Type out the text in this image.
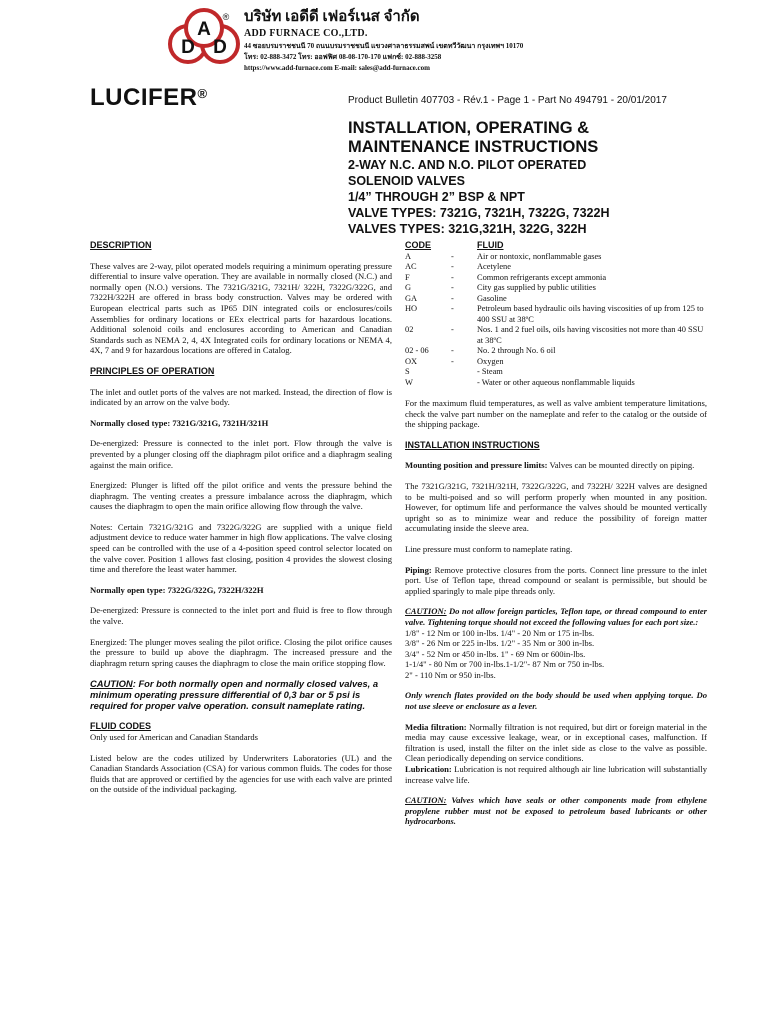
A
D D
® บริษัท เอดีดี เฟอร์เนส จำกัด
ADD FURNACE CO.,LTD.
44 ซอยบรมราชชนนี 70 ถนนบรมราชชนนี แขวงศาลาธรรมสพน์ เขตทวีวัฒนา กรุงเทพฯ 10170
โทร: 02-888-3472 โทร: ออฟฟิศ 08-08-170-170 แฟกซ์: 02-888-3258
https://www.add-furnace.com E-mail: sales@add-furnace.com
LUCIFER®	Product Bulletin 407703 - Rév.1 - Page 1 - Part No 494791 - 20/01/2017
INSTALLATION, OPERATING &
MAINTENANCE INSTRUCTIONS
2-WAY N.C. AND N.O. PILOT OPERATED
SOLENOID VALVES
1/4” THROUGH 2” BSP & NPT
VALVE TYPES: 7321G, 7321H, 7322G, 7322H
VALVES TYPES: 321G,321H, 322G, 322H
DESCRIPTION

These valves are 2-way, pilot operated models requiring a minimum operating pressure differential to insure valve operation. They are available in normally closed (N.C.) and normally open (N.O.) versions. The 7321G/321G, 7321H/ 322H, 7322G/322G, and 7322H/322H are offered in brass body construction. Valves may be ordered with European electrical parts such as IP65 DIN integrated coils or enclosures/coils Assemblies for ordinary locations or EEx electrical parts for hazardous locations. Additional solenoid coils and enclosures according to American and Canadian Standards such as NEMA 2, 4, 4X Integrated coils for ordinary locations or NEMA 4, 4X, 7 and 9 for hazardous locations are offered in Catalog.

PRINCIPLES OF OPERATION

The inlet and outlet ports of the valves are not marked. Instead, the direction of flow is indicated by an arrow on the valve body.

Normally closed type: 7321G/321G, 7321H/321H

De-energized: Pressure is connected to the inlet port. Flow through the valve is prevented by a plunger closing off the diaphragm pilot orifice and a diaphragm sealing against the main orifice.

Energized: Plunger is lifted off the pilot orifice and vents the pressure behind the diaphragm. The venting creates a pressure imbalance across the diaphragm, which causes the diaphragm to open the main orifice allowing flow through the valve.

Notes: Certain 7321G/321G and 7322G/322G are supplied with a unique field adjustment device to reduce water hammer in high flow applications. The valve closing speed can be controlled with the use of a 4-position speed control selector located on the valve cover. Position 1 allows fast closing, position 4 provides the slowest closing time and therefore the least water hammer.

Normally open type: 7322G/322G, 7322H/322H

De-energized: Pressure is connected to the inlet port and fluid is free to flow through the valve.

Energized: The plunger moves sealing the pilot orifice. Closing the pilot orifice causes the pressure to build up above the diaphragm. The increased pressure and the diaphragm return spring causes the diaphragm to close the main orifice stopping flow.

CAUTION: For both normally open and normally closed valves, a minimum operating pressure differential of 0,3 bar or 5 psi is required for proper valve operation. consult nameplate rating.
FLUID CODES

Only used for American and Canadian Standards

Listed below are the codes utilized by Underwriters Laboratories (UL) and the Canadian Standards Association (CSA) for various common fluids. The codes for those fluids that are approved or certified by the agencies for use with each valve are printed on the outside of the individual packaging.

CODE		FLUID
A	-	Air or nontoxic, nonflammable gases
AC	-	Acetylene
F	-	Common refrigerants except ammonia
G	-	City gas supplied by public utilities
GA	-	Gasoline
HO	-	Petroleum based hydraulic oils having viscosities of up from 125 to 400 SSU at 38ºC
02	-	Nos. 1 and 2 fuel oils, oils having viscosities not more than 40 SSU at 38ºC
02 - 06	-	No. 2 through No. 6 oil
OX	-	Oxygen
S		- Steam
W		- Water or other aqueous nonflammable liquids

For the maximum fluid temperatures, as well as valve ambient temperature limitations, check the valve part number on the nameplate and refer to the catalog or the outside of the shipping package.

INSTALLATION INSTRUCTIONS

Mounting position and pressure limits: Valves can be mounted directly on piping.

The 7321G/321G, 7321H/321H, 7322G/322G, and 7322H/ 322H valves are designed to be multi-poised and so will perform properly when mounted in any position. However, for optimum life and performance the valves should be mounted vertically upright so as to minimize wear and reduce the possibility of foreign matter accumulating inside the sleeve area.

Line pressure must conform to nameplate rating.

Piping: Remove protective closures from the ports. Connect line pressure to the inlet port. Use of Teflon tape, thread compound or sealant is permissible, but should be applied sparingly to male pipe threads only.

CAUTION: Do not allow foreign particles, Teflon tape, or thread compound to enter valve. Tightening torque should not exceed the following values for each port size.:

1/8" - 12 Nm or 100 in-lbs. 1/4" - 20 Nm or 175 in-lbs.
3/8" - 26 Nm or 225 in-lbs. 1/2" - 35 Nm or 300 in-lbs.
3/4" - 52 Nm or 450 in-lbs. 1" - 69 Nm or 600in-lbs.
1-1/4" - 80 Nm or 700 in-lbs.1-1/2"- 87 Nm or 750 in-lbs.
2" - 110 Nm or 950 in-lbs.

Only wrench flates provided on the body should be used when applying torque. Do not use sleeve or enclosure as a lever.

Media filtration: Normally filtration is not required, but dirt or foreign material in the media may cause excessive leakage, wear, or in exceptional cases, malfunction. If filtration is used, install the filter on the inlet side as close to the valve as possible. Clean periodically depending on service conditions.

Lubrication: Lubrication is not required although air line lubrication will substantially increase valve life.

CAUTION: Valves which have seals or other components made from ethylene propylene rubber must not be exposed to petroleum based lubricants or other hydrocarbons.
